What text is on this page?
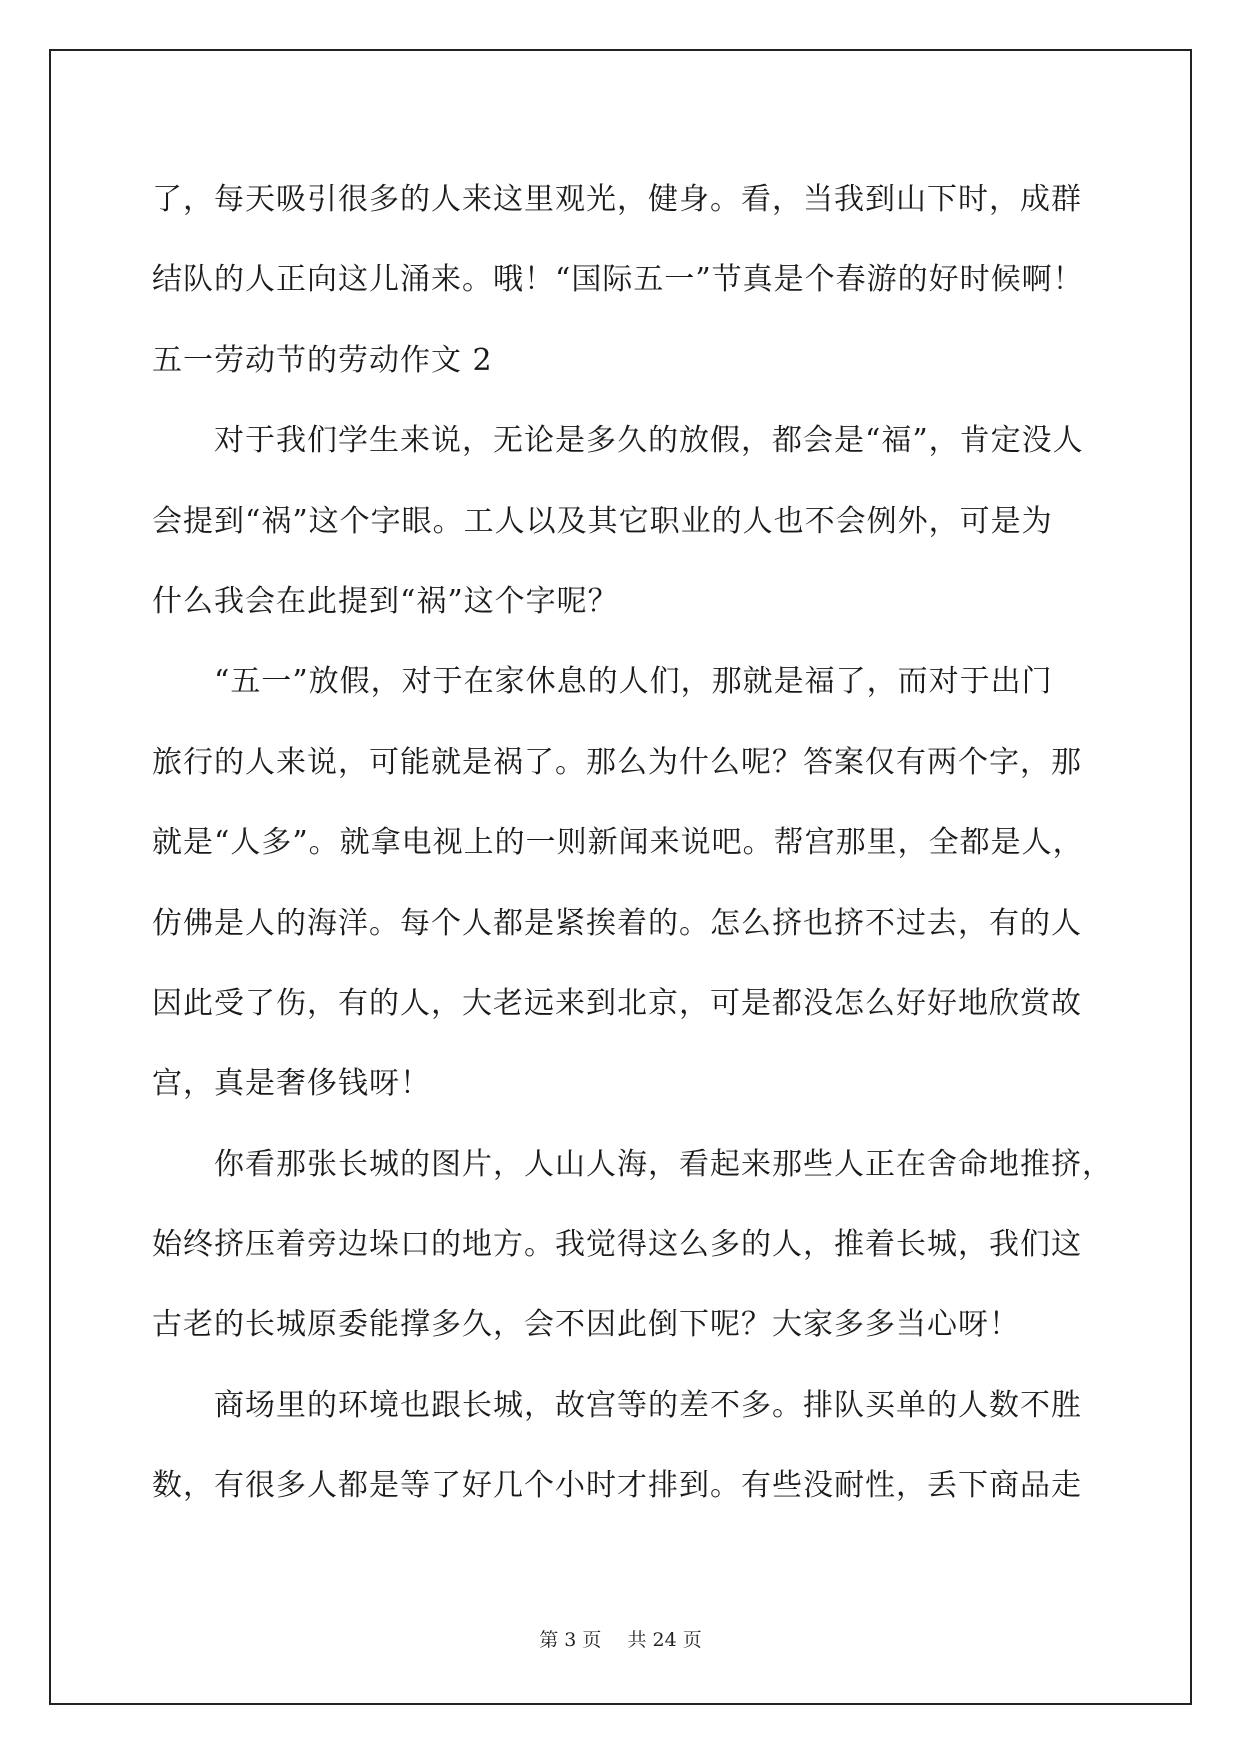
了，每天吸引很多的人来这里观光，健身。看，当我到山下时，成群
结队的人正向这儿涌来。哦！“国际五一”节真是个春游的好时候啊！
五一劳动节的劳动作文 2
对于我们学生来说，无论是多久的放假，都会是“福”，肯定没人
会提到“祸”这个字眼。工人以及其它职业的人也不会例外，可是为
什么我会在此提到“祸”这个字呢？
“五一”放假，对于在家休息的人们，那就是福了，而对于出门
旅行的人来说，可能就是祸了。那么为什么呢？答案仅有两个字，那
就是“人多”。就拿电视上的一则新闻来说吧。帮宫那里，全都是人，
仿佛是人的海洋。每个人都是紧挨着的。怎么挤也挤不过去，有的人
因此受了伤，有的人，大老远来到北京，可是都没怎么好好地欣赏故
宫，真是奢侈钱呀！
你看那张长城的图片，人山人海，看起来那些人正在舍命地推挤，
始终挤压着旁边垛口的地方。我觉得这么多的人，推着长城，我们这
古老的长城原委能撑多久，会不因此倒下呢？大家多多当心呀！
商场里的环境也跟长城，故宫等的差不多。排队买单的人数不胜
数，有很多人都是等了好几个小时才排到。有些没耐性，丢下商品走
第 3 页 共 24 页
